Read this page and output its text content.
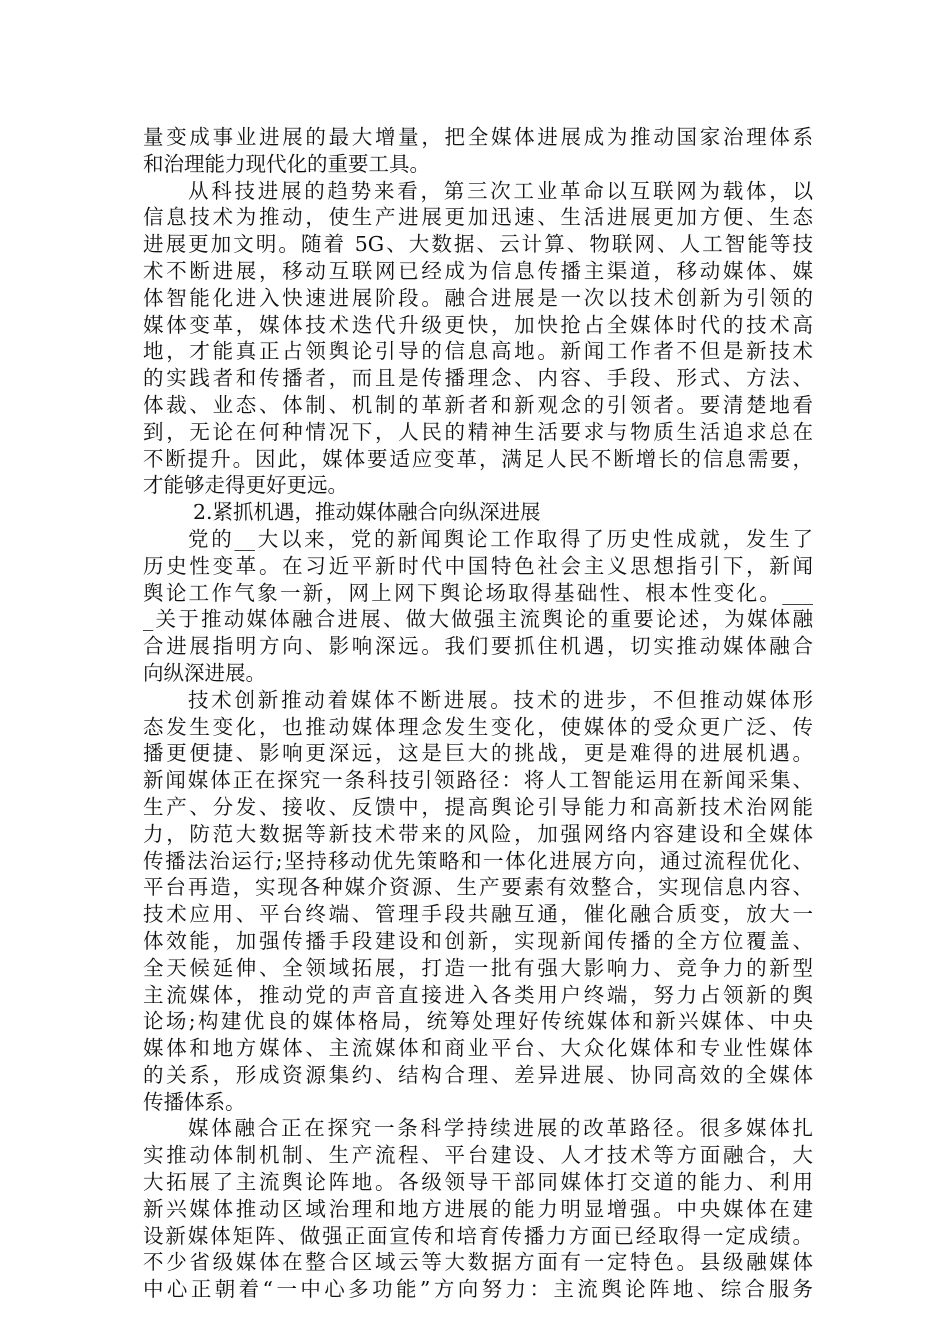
量变成事业进展的最大增量，把全媒体进展成为推动国家治理体系
和治理能力现代化的重要工具。
从科技进展的趋势来看，第三次工业革命以互联网为载体，以
信息技术为推动，使生产进展更加迅速、生活进展更加方便、生态
进展更加文明。随着 5G、大数据、云计算、物联网、人工智能等技
术不断进展，移动互联网已经成为信息传播主渠道，移动媒体、媒
体智能化进入快速进展阶段。融合进展是一次以技术创新为引领的
媒体变革，媒体技术迭代升级更快，加快抢占全媒体时代的技术高
地，才能真正占领舆论引导的信息高地。新闻工作者不但是新技术
的实践者和传播者，而且是传播理念、内容、手段、形式、方法、
体裁、业态、体制、机制的革新者和新观念的引领者。要清楚地看
到，无论在何种情况下，人民的精神生活要求与物质生活追求总在
不断提升。因此，媒体要适应变革，满足人民不断增长的信息需要，
才能够走得更好更远。
2.紧抓机遇，推动媒体融合向纵深进展
党的__大以来，党的新闻舆论工作取得了历史性成就，发生了
历史性变革。在习近平新时代中国特色社会主义思想指引下，新闻
舆论工作气象一新，网上网下舆论场取得基础性、根本性变化。___
_关于推动媒体融合进展、做大做强主流舆论的重要论述，为媒体融
合进展指明方向、影响深远。我们要抓住机遇，切实推动媒体融合
向纵深进展。
技术创新推动着媒体不断进展。技术的进步，不但推动媒体形
态发生变化，也推动媒体理念发生变化，使媒体的受众更广泛、传
播更便捷、影响更深远，这是巨大的挑战，更是难得的进展机遇。
新闻媒体正在探究一条科技引领路径：将人工智能运用在新闻采集、
生产、分发、接收、反馈中，提高舆论引导能力和高新技术治网能
力，防范大数据等新技术带来的风险，加强网络内容建设和全媒体
传播法治运行;坚持移动优先策略和一体化进展方向，通过流程优化、
平台再造，实现各种媒介资源、生产要素有效整合，实现信息内容、
技术应用、平台终端、管理手段共融互通，催化融合质变，放大一
体效能，加强传播手段建设和创新，实现新闻传播的全方位覆盖、
全天候延伸、全领域拓展，打造一批有强大影响力、竞争力的新型
主流媒体，推动党的声音直接进入各类用户终端，努力占领新的舆
论场;构建优良的媒体格局，统筹处理好传统媒体和新兴媒体、中央
媒体和地方媒体、主流媒体和商业平台、大众化媒体和专业性媒体
的关系，形成资源集约、结构合理、差异进展、协同高效的全媒体
传播体系。
媒体融合正在探究一条科学持续进展的改革路径。很多媒体扎
实推动体制机制、生产流程、平台建设、人才技术等方面融合，大
大拓展了主流舆论阵地。各级领导干部同媒体打交道的能力、利用
新兴媒体推动区域治理和地方进展的能力明显增强。中央媒体在建
设新媒体矩阵、做强正面宣传和培育传播力方面已经取得一定成绩。
不少省级媒体在整合区域云等大数据方面有一定特色。县级融媒体
中心正朝着“一中心多功能”方向努力：主流舆论阵地、综合服务
